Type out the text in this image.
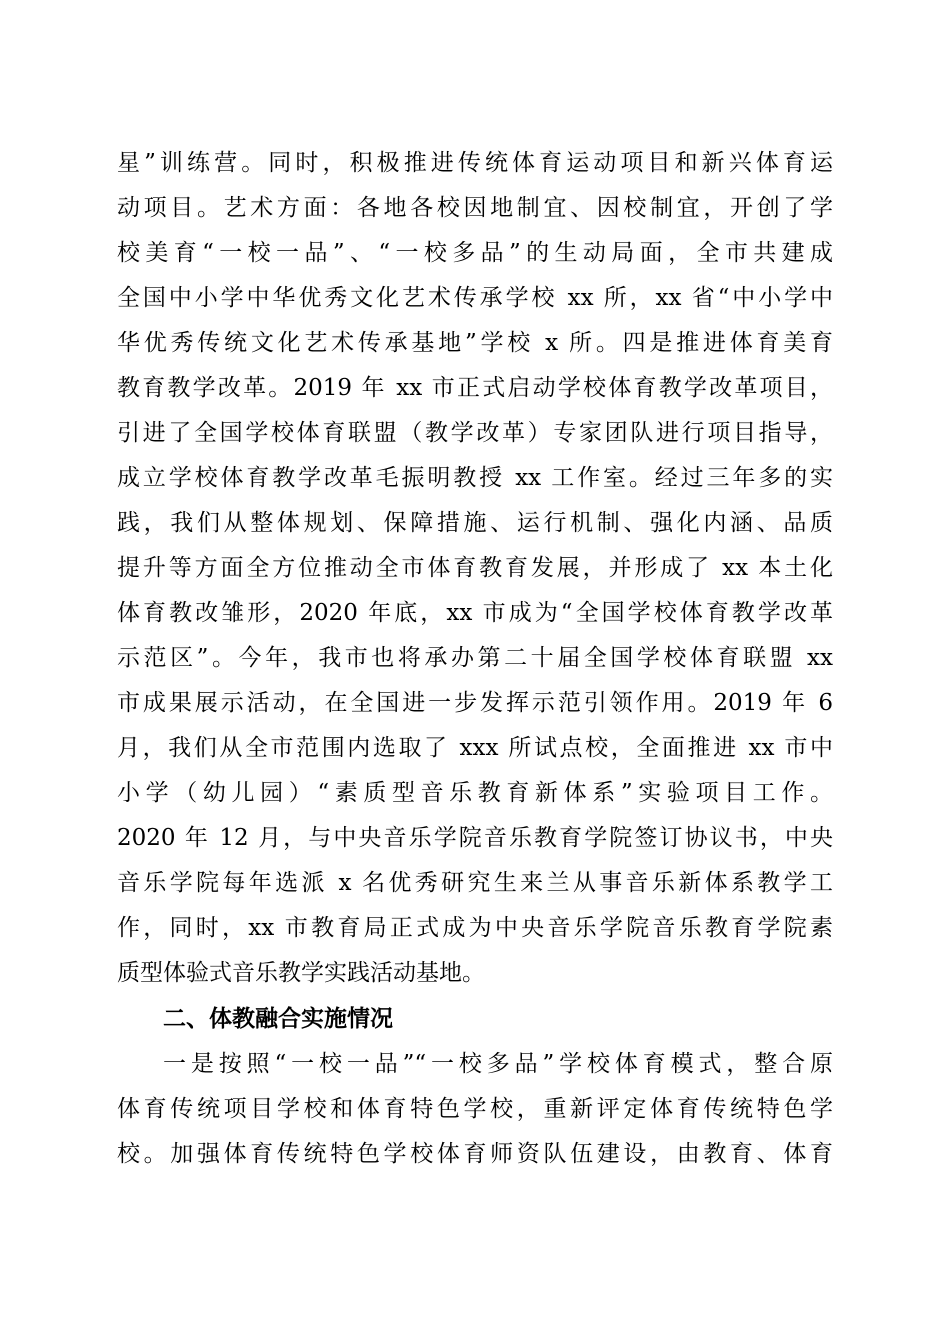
星”训练营。同时，积极推进传统体育运动项目和新兴体育运
动项目。艺术方面：各地各校因地制宜、因校制宜，开创了学
校美育“一校一品”、“一校多品”的生动局面，全市共建成
全国中小学中华优秀文化艺术传承学校 xx 所，xx 省“中小学中
华优秀传统文化艺术传承基地”学校 x 所。四是推进体育美育
教育教学改革。2019 年 xx 市正式启动学校体育教学改革项目，
引进了全国学校体育联盟（教学改革）专家团队进行项目指导，
成立学校体育教学改革毛振明教授 xx 工作室。经过三年多的实
践，我们从整体规划、保障措施、运行机制、强化内涵、品质
提升等方面全方位推动全市体育教育发展，并形成了 xx 本土化
体育教改雏形，2020 年底，xx 市成为“全国学校体育教学改革
示范区”。今年，我市也将承办第二十届全国学校体育联盟 xx
市成果展示活动，在全国进一步发挥示范引领作用。2019 年 6
月，我们从全市范围内选取了 xxx 所试点校，全面推进 xx 市中
小学（幼儿园）“素质型音乐教育新体系”实验项目工作。
2020 年 12 月，与中央音乐学院音乐教育学院签订协议书，中央
音乐学院每年选派 x 名优秀研究生来兰从事音乐新体系教学工
作，同时，xx 市教育局正式成为中央音乐学院音乐教育学院素
质型体验式音乐教学实践活动基地。
二、体教融合实施情况
一是按照“一校一品”“一校多品”学校体育模式，整合原
体育传统项目学校和体育特色学校，重新评定体育传统特色学
校。加强体育传统特色学校体育师资队伍建设，由教育、体育
